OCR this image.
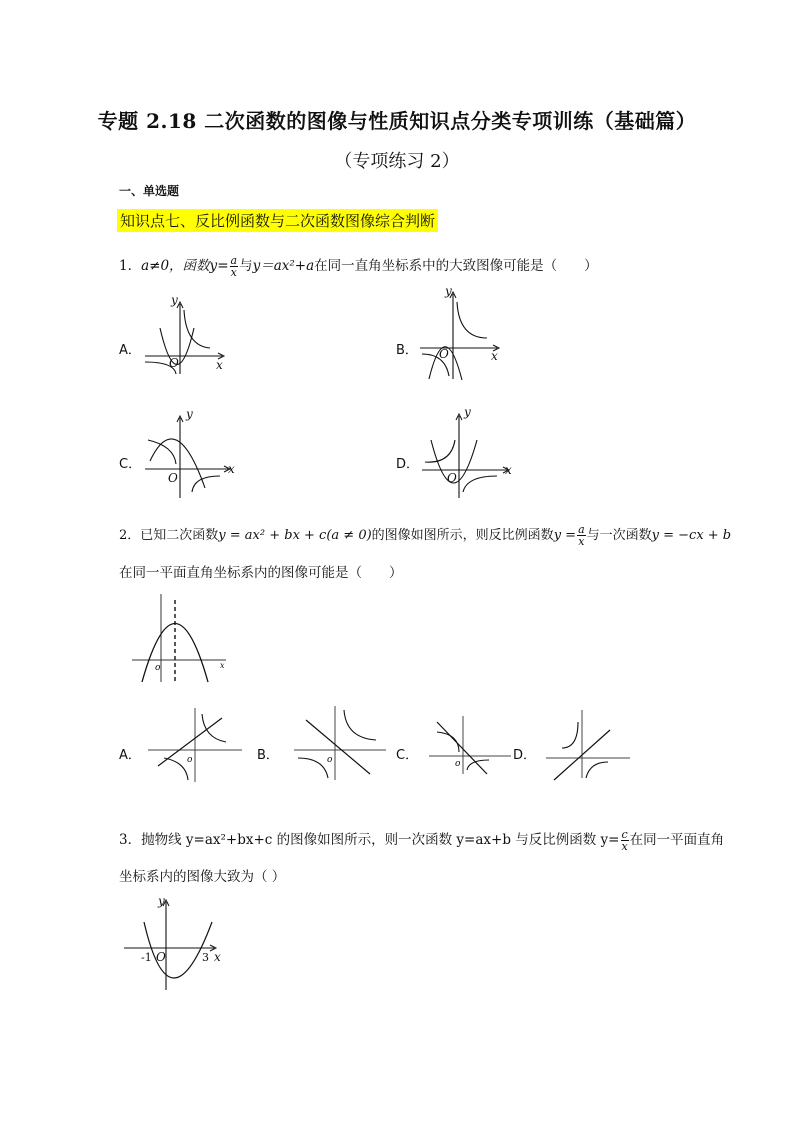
专题 2.18 二次函数的图像与性质知识点分类专项训练（基础篇）
（专项练习 2）
一、单选题
知识点七、反比例函数与二次函数图像综合判断
1．a≠0，函数$y= \frac{a}{x}$ 与y＝ax²+a在同一直角坐标系中的大致图像可能是（　　）
A．
O
y
x
B． O
y
x
C．
O
y
x	D．
O
y
x
2．已知二次函数y = ax² + bx + c(a ≠ 0)的图像如图所示，则反比例函数$y = \frac{a}{x}$ 与一次函数y = −cx + b
在同一平面直角坐标系内的图像可能是（　　）
o	x
A．	o	B．	o	C．
o
D．
3．抛物线 y=ax²+bx+c 的图像如图所示，则一次函数 y=ax+b 与反比例函数 $y= \frac{c}{x}$ 在同一平面直角
坐标系内的图像大致为（ ）
-1 O	3 x
y
